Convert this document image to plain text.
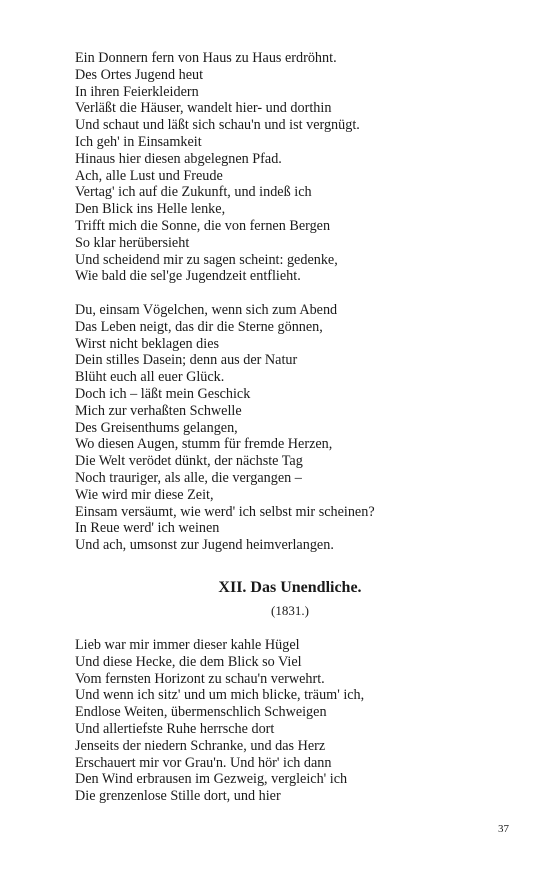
Ein Donnern fern von Haus zu Haus erdröhnt.
Des Ortes Jugend heut
In ihren Feierkleidern
Verläßt die Häuser, wandelt hier- und dorthin
Und schaut und läßt sich schau'n und ist vergnügt.
Ich geh' in Einsamkeit
Hinaus hier diesen abgelegnen Pfad.
Ach, alle Lust und Freude
Vertag' ich auf die Zukunft, und indeß ich
Den Blick ins Helle lenke,
Trifft mich die Sonne, die von fernen Bergen
So klar herübersieht
Und scheidend mir zu sagen scheint: gedenke,
Wie bald die sel'ge Jugendzeit entflieht.
Du, einsam Vögelchen, wenn sich zum Abend
Das Leben neigt, das dir die Sterne gönnen,
Wirst nicht beklagen dies
Dein stilles Dasein; denn aus der Natur
Blüht euch all euer Glück.
Doch ich – läßt mein Geschick
Mich zur verhaßten Schwelle
Des Greisenthums gelangen,
Wo diesen Augen, stumm für fremde Herzen,
Die Welt verödet dünkt, der nächste Tag
Noch trauriger, als alle, die vergangen –
Wie wird mir diese Zeit,
Einsam versäumt, wie werd' ich selbst mir scheinen?
In Reue werd' ich weinen
Und ach, umsonst zur Jugend heimverlangen.
XII. Das Unendliche.
(1831.)
Lieb war mir immer dieser kahle Hügel
Und diese Hecke, die dem Blick so Viel
Vom fernsten Horizont zu schau'n verwehrt.
Und wenn ich sitz' und um mich blicke, träum' ich,
Endlose Weiten, übermenschlich Schweigen
Und allertiefste Ruhe herrsche dort
Jenseits der niedern Schranke, und das Herz
Erschauert mir vor Grau'n. Und hör' ich dann
Den Wind erbrausen im Gezweig, vergleich' ich
Die grenzenlose Stille dort, und hier
37
